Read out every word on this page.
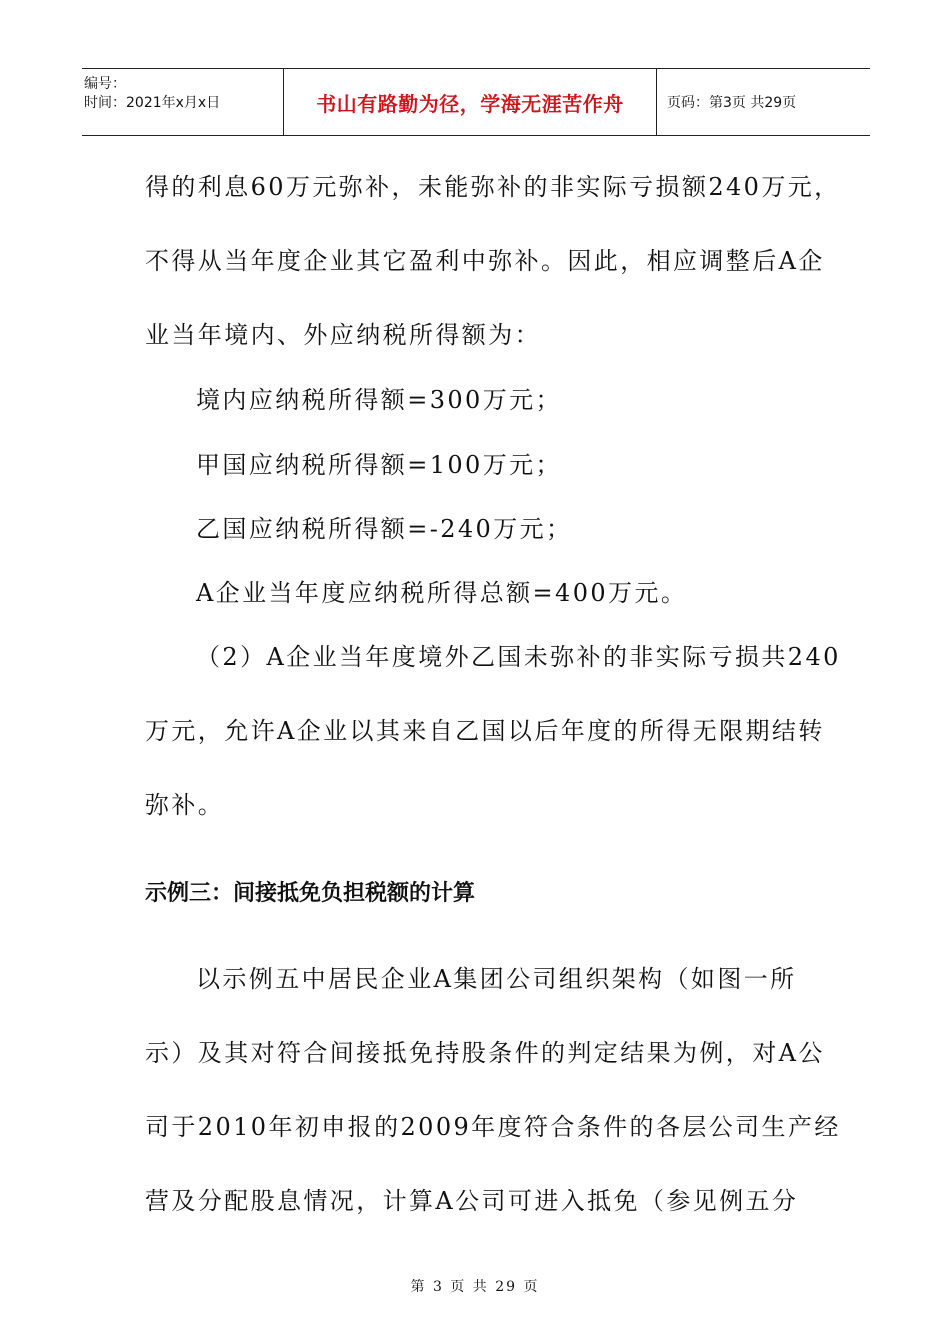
编号：
时间：2021年x月x日	书山有路勤为径，学海无涯苦作舟	页码：第3页 共29页
得的利息60万元弥补，未能弥补的非实际亏损额240万元，
不得从当年度企业其它盈利中弥补。因此，相应调整后A企
业当年境内、外应纳税所得额为：
境内应纳税所得额=300万元；
甲国应纳税所得额=100万元；
乙国应纳税所得额=-240万元；
A企业当年度应纳税所得总额=400万元。
（2）A企业当年度境外乙国未弥补的非实际亏损共240
万元，允许A企业以其来自乙国以后年度的所得无限期结转
弥补。
示例三：间接抵免负担税额的计算
以示例五中居民企业A集团公司组织架构（如图一所
示）及其对符合间接抵免持股条件的判定结果为例，对A公
司于2010年初申报的2009年度符合条件的各层公司生产经
营及分配股息情况，计算A公司可进入抵免（参见例五分
第 3 页 共 29 页
